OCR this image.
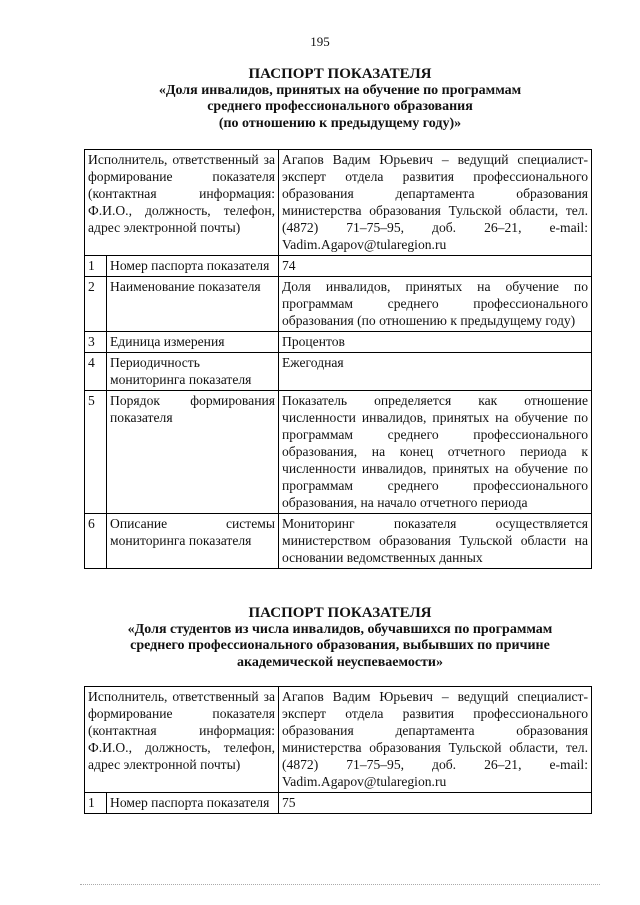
195
ПАСПОРТ ПОКАЗАТЕЛЯ
«Доля инвалидов, принятых на обучение по программам
среднего профессионального образования
(по отношению к предыдущему году)»
Исполнитель, ответственный за формирование показателя (контактная информация: Ф.И.О., должность, телефон, адрес электронной почты)		Агапов Вадим Юрьевич – ведущий специалист-эксперт отдела развития профессионального образования департамента образования министерства образования Тульской области, тел. (4872) 71–75–95, доб. 26–21, e-mail: Vadim.Agapov@tularegion.ru
1	Номер паспорта показателя	74
2	Наименование показателя	Доля инвалидов, принятых на обучение по программам среднего профессионального образования (по отношению к предыдущему году)
3	Единица измерения	Процентов
4	Периодичность мониторинга показателя	Ежегодная
5	Порядок формирования показателя	Показатель определяется как отношение численности инвалидов, принятых на обучение по программам среднего профессионального образования, на конец отчетного периода к численности инвалидов, принятых на обучение по программам среднего профессионального образования, на начало отчетного периода
6	Описание системы мониторинга показателя	Мониторинг показателя осуществляется министерством образования Тульской области на основании ведомственных данных
ПАСПОРТ ПОКАЗАТЕЛЯ
«Доля студентов из числа инвалидов, обучавшихся по программам
среднего профессионального образования, выбывших по причине
академической неуспеваемости»
Исполнитель, ответственный за формирование показателя (контактная информация: Ф.И.О., должность, телефон, адрес электронной почты)		Агапов Вадим Юрьевич – ведущий специалист-эксперт отдела развития профессионального образования департамента образования министерства образования Тульской области, тел. (4872) 71–75–95, доб. 26–21, e-mail: Vadim.Agapov@tularegion.ru
1	Номер паспорта показателя	75
